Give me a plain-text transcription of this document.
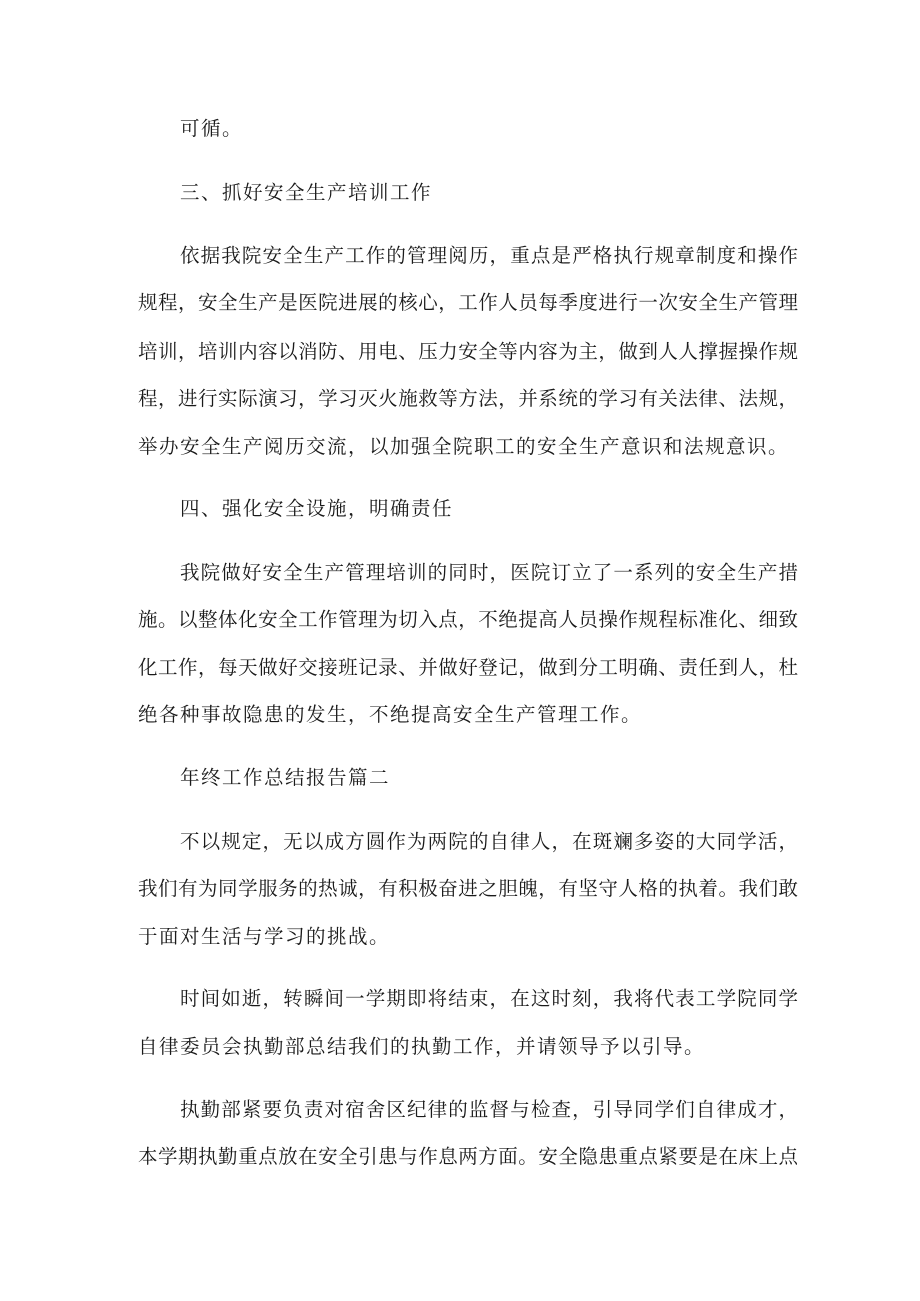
可循。
三、抓好安全生产培训工作
依据我院安全生产工作的管理阅历，重点是严格执行规章制度和操作
规程，安全生产是医院进展的核心，工作人员每季度进行一次安全生产管理
培训，培训内容以消防、用电、压力安全等内容为主，做到人人撑握操作规
程，进行实际演习，学习灭火施救等方法，并系统的学习有关法律、法规，
举办安全生产阅历交流，以加强全院职工的安全生产意识和法规意识。
四、强化安全设施，明确责任
我院做好安全生产管理培训的同时，医院订立了一系列的安全生产措
施。以整体化安全工作管理为切入点，不绝提高人员操作规程标准化、细致
化工作，每天做好交接班记录、并做好登记，做到分工明确、责任到人，杜
绝各种事故隐患的发生，不绝提高安全生产管理工作。
年终工作总结报告篇二
不以规定，无以成方圆作为两院的自律人，在斑斓多姿的大同学活，
我们有为同学服务的热诚，有积极奋进之胆魄，有坚守人格的执着。我们敢
于面对生活与学习的挑战。
时间如逝，转瞬间一学期即将结束，在这时刻，我将代表工学院同学
自律委员会执勤部总结我们的执勤工作，并请领导予以引导。
执勤部紧要负责对宿舍区纪律的监督与检查，引导同学们自律成才，
本学期执勤重点放在安全引患与作息两方面。安全隐患重点紧要是在床上点
